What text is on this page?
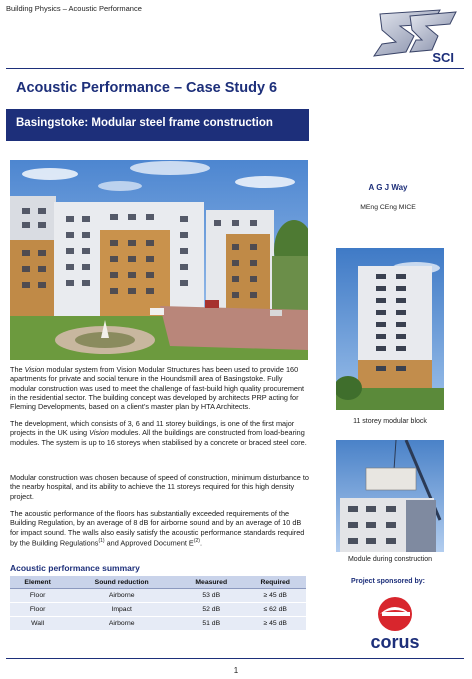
Building Physics – Acoustic Performance
SCI
Acoustic Performance – Case Study 6
Basingstoke: Modular steel frame construction
A G J Way
MEng CEng MICE
11 storey modular block
Module during construction

The Vision modular system from Vision Modular Structures has been used to provide 160 apartments for private and social tenure in the Houndsmill area of Basingstoke. Fully modular construction was used to meet the challenge of fast-build high quality procurement in the residential sector. The building concept was developed by architects PRP acting for Fleming Developments, based on a client’s master plan by HTA Architects.

The development, which consists of 3, 6 and 11 storey buildings, is one of the first major projects in the UK using Vision modules. All the buildings are constructed from load-bearing modules. The system is up to 16 storeys when stabilised by a concrete or braced steel core.

Modular construction was chosen because of speed of construction, minimum disturbance to the nearby hospital, and its ability to achieve the 11 storeys required for this high density project.

The acoustic performance of the floors has substantially exceeded requirements of the Building Regulation, by an average of 8 dB for airborne sound and by an average of 10 dB for impact sound. The walls also easily satisfy the acoustic performance standards required by the Building Regulations$^{(1)}$ and Approved Document $E^{(2)}$.

Acoustic performance summary
Element	Sound reduction	Measured	Required
Floor	Airborne	53 dB	≥ 45 dB
Floor	Impact	52 dB	≤ 62 dB
Wall	Airborne	51 dB	≥ 45 dB
Project sponsored by:
corus
1
